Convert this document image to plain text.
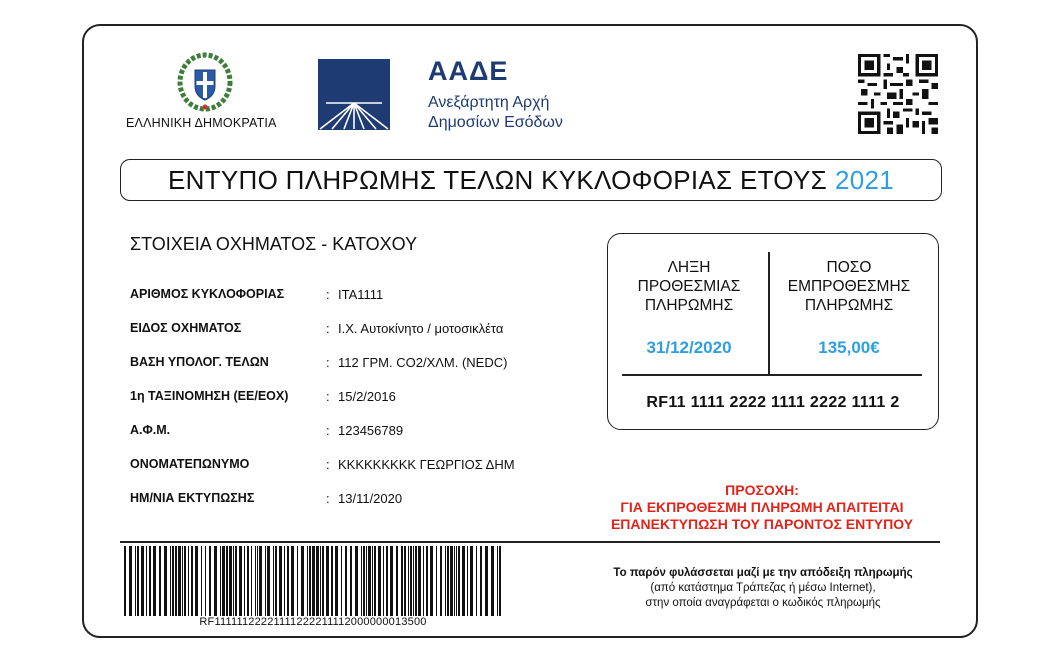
ΕΛΛΗΝΙΚΗ ΔΗΜΟΚΡΑΤΙΑ
ΑΑΔΕ
Ανεξάρτητη Αρχή
Δημοσίων Εσόδων
ΕΝΤΥΠΟ ΠΛΗΡΩΜΗΣ ΤΕΛΩΝ ΚΥΚΛΟΦΟΡΙΑΣ ΕΤΟΥΣ 2021
ΣΤΟΙΧΕΙΑ ΟΧΗΜΑΤΟΣ - ΚΑΤΟΧΟΥ
ΑΡΙΘΜΟΣ ΚΥΚΛΟΦΟΡΙΑΣ	: ΙΤΑ1111
ΕΙΔΟΣ ΟΧΗΜΑΤΟΣ	: Ι.Χ. Αυτοκίνητο / μοτοσικλέτα
ΒΑΣΗ ΥΠΟΛΟΓ. ΤΕΛΩΝ	: 112 ΓΡΜ. CO2/ΧΛΜ. (NEDC)
1η ΤΑΞΙΝΟΜΗΣΗ (ΕΕ/ΕΟΧ)	: 15/2/2016
Α.Φ.Μ.	: 123456789
ΟΝΟΜΑΤΕΠΩΝΥΜΟ	: ΚΚΚΚΚΚΚΚΚ ΓΕΩΡΓΙΟΣ ΔΗΜ
ΗΜ/ΝΙΑ ΕΚΤΥΠΩΣΗΣ	: 13/11/2020
ΛΗΞΗ
ΠΡΟΘΕΣΜΙΑΣ
ΠΛΗΡΩΜΗΣ
ΠΟΣΟ
ΕΜΠΡΟΘΕΣΜΗΣ
ΠΛΗΡΩΜΗΣ
31/12/2020	135,00€
RF11 1111 2222 1111 2222 1111 2
ΠΡΟΣΟΧΗ:
ΓΙΑ ΕΚΠΡΟΘΕΣΜΗ ΠΛΗΡΩΜΗ ΑΠΑΙΤΕΙΤΑΙ
ΕΠΑΝΕΚΤΥΠΩΣΗ ΤΟΥ ΠΑΡΟΝΤΟΣ ΕΝΤΥΠΟΥ
RF11111122221111222211112000000013500
Το παρόν φυλάσσεται μαζί με την απόδειξη πληρωμής
(από κατάστημα Τράπεζας ή μέσω Internet),
στην οποία αναγράφεται ο κωδικός πληρωμής
